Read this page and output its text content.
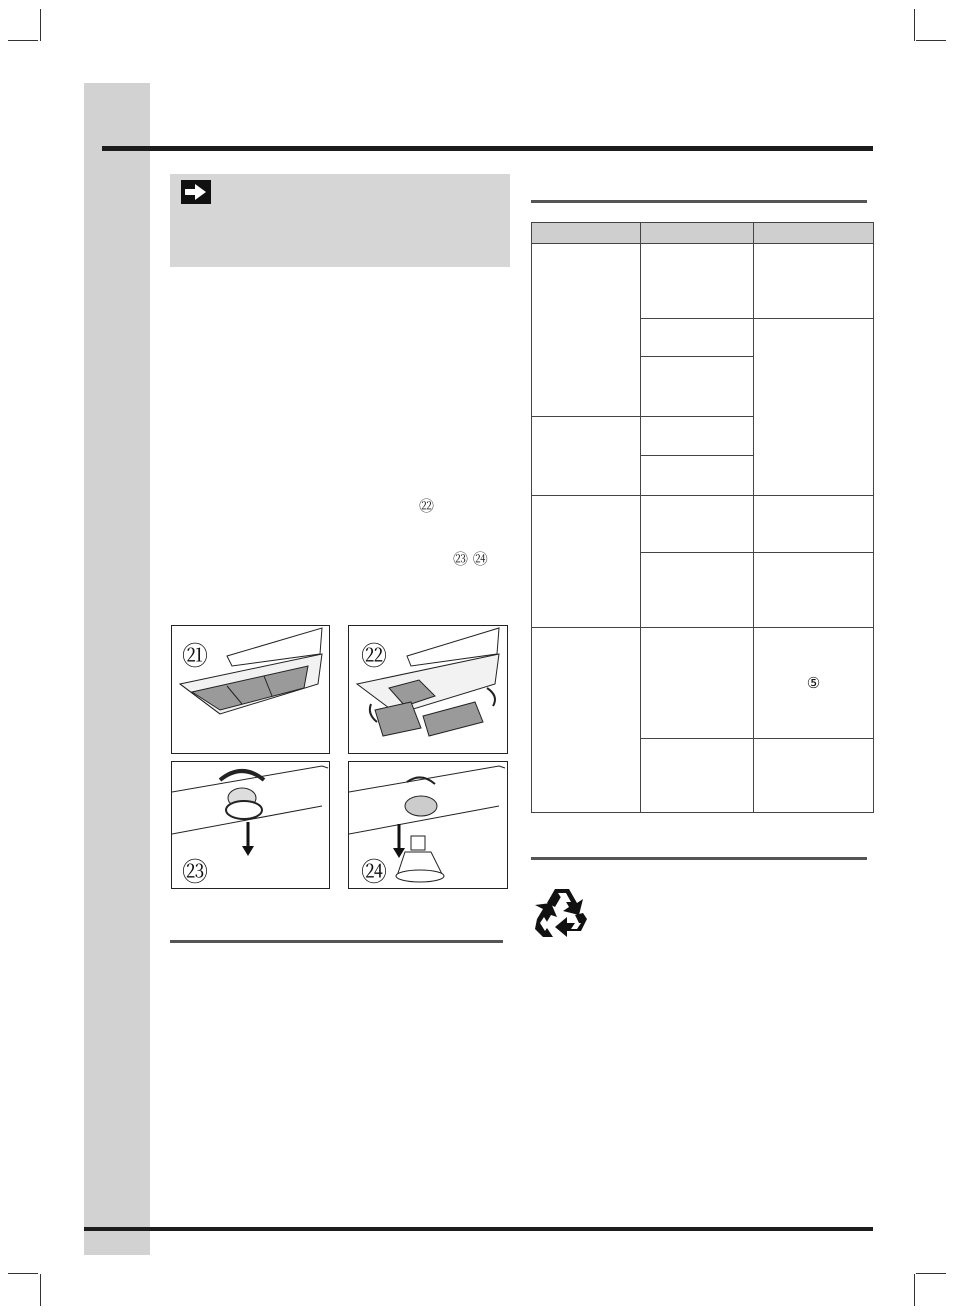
㉒
㉓ ㉔
㉑	㉒
㉓	㉔

		⑤
